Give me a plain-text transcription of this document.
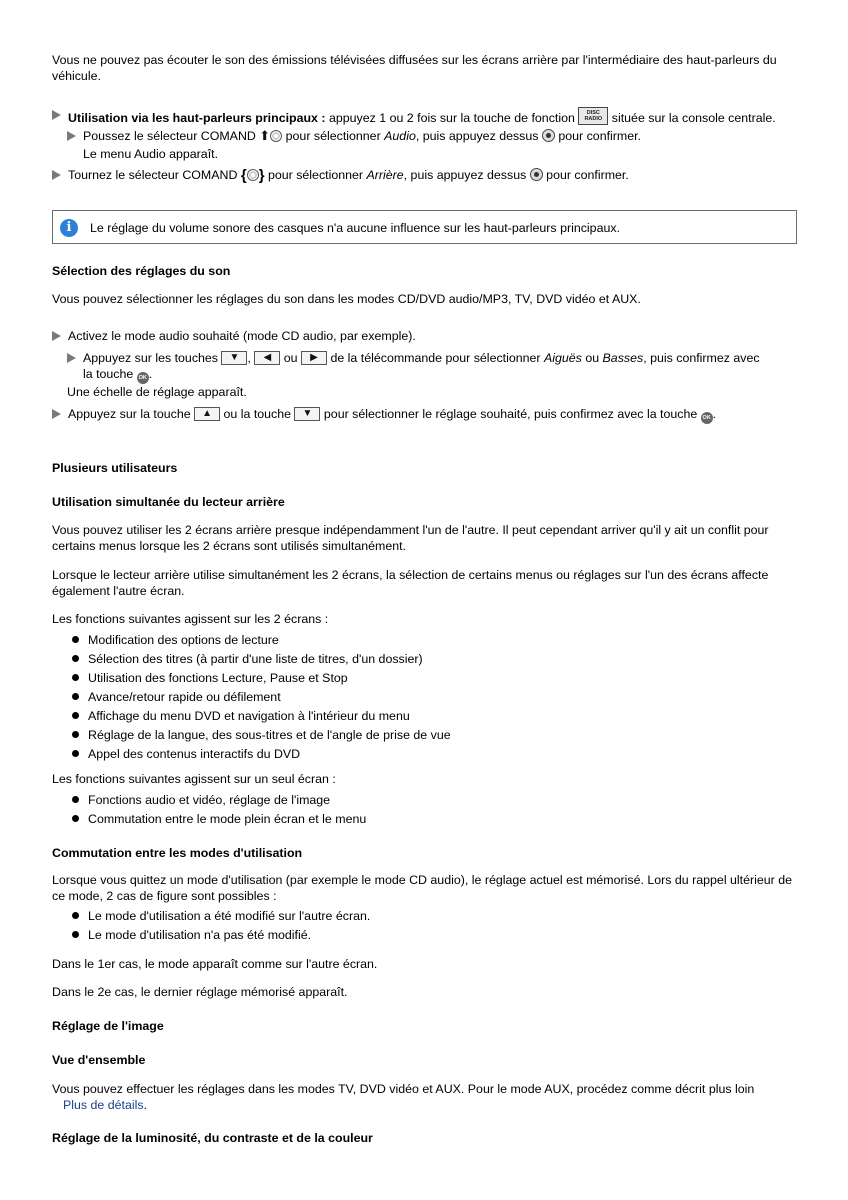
Vous ne pouvez pas écouter le son des émissions télévisées diffusées sur les écrans arrière par l'intermédiaire des haut-parleurs du véhicule.
Utilisation via les haut-parleurs principaux : appuyez 1 ou 2 fois sur la touche de fonction	DISC RADIO située sur la console centrale.
Poussez le sélecteur COMAND ⬆ pour sélectionner Audio, puis appuyez dessus  pour confirmer.
Le menu Audio apparaît.
Tournez le sélecteur COMAND { } pour sélectionner Arrière, puis appuyez dessus  pour confirmer.
i	Le réglage du volume sonore des casques n'a aucune influence sur les haut-parleurs principaux.
Sélection des réglages du son
Vous pouvez sélectionner les réglages du son dans les modes CD/DVD audio/MP3, TV, DVD vidéo et AUX.
Activez le mode audio souhaité (mode CD audio, par exemple).
Appuyez sur les touches ▼ , ◀ ou ▶ de la télécommande pour sélectionner Aiguës ou Basses, puis confirmez avec
la touche OK .
Une échelle de réglage apparaît.
Appuyez sur la touche ▲ ou la touche ▼ pour sélectionner le réglage souhaité, puis confirmez avec la touche OK .
Plusieurs utilisateurs
Utilisation simultanée du lecteur arrière
Vous pouvez utiliser les 2 écrans arrière presque indépendamment l'un de l'autre. Il peut cependant arriver qu'il y ait un conflit pour certains menus lorsque les 2 écrans sont utilisés simultanément.
Lorsque le lecteur arrière utilise simultanément les 2 écrans, la sélection de certains menus ou réglages sur l'un des écrans affecte également l'autre écran.
Les fonctions suivantes agissent sur les 2 écrans :
Modification des options de lecture
Sélection des titres (à partir d'une liste de titres, d'un dossier)
Utilisation des fonctions Lecture, Pause et Stop
Avance/retour rapide ou défilement
Affichage du menu DVD et navigation à l'intérieur du menu
Réglage de la langue, des sous-titres et de l'angle de prise de vue
Appel des contenus interactifs du DVD
Les fonctions suivantes agissent sur un seul écran :
Fonctions audio et vidéo, réglage de l'image
Commutation entre le mode plein écran et le menu
Commutation entre les modes d'utilisation
Lorsque vous quittez un mode d'utilisation (par exemple le mode CD audio), le réglage actuel est mémorisé. Lors du rappel ultérieur de ce mode, 2 cas de figure sont possibles :
Le mode d'utilisation a été modifié sur l'autre écran.
Le mode d'utilisation n'a pas été modifié.
Dans le 1er cas, le mode apparaît comme sur l'autre écran.
Dans le 2e cas, le dernier réglage mémorisé apparaît.
Réglage de l'image
Vue d'ensemble
Vous pouvez effectuer les réglages dans les modes TV, DVD vidéo et AUX. Pour le mode AUX, procédez comme décrit plus loin
Plus de détails.
Réglage de la luminosité, du contraste et de la couleur
